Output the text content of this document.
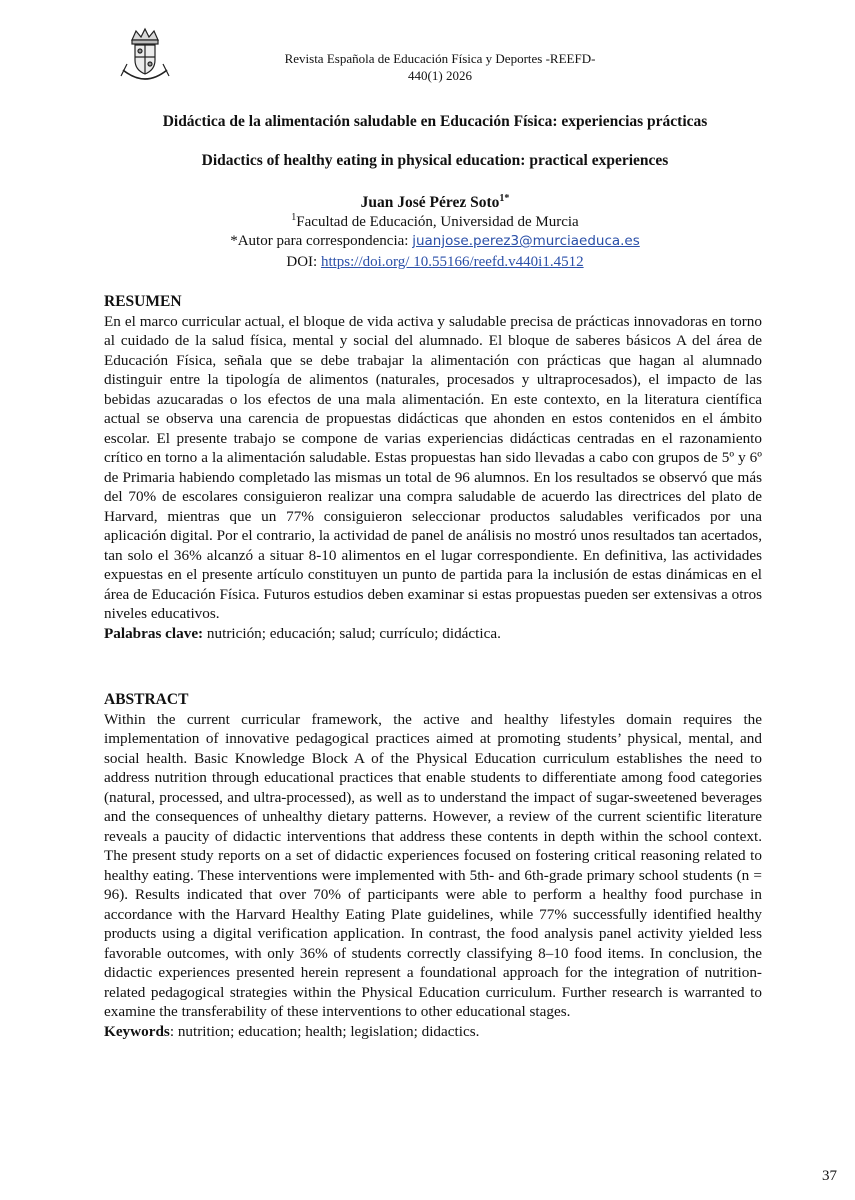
Revista Española de Educación Física y Deportes -REEFD-
440(1) 2026
Didáctica de la alimentación saludable en Educación Física: experiencias prácticas
Didactics of healthy eating in physical education: practical experiences
Juan José Pérez Soto$^{1*}$
$^1$Facultad de Educación, Universidad de Murcia
*Autor para correspondencia: juanjose.perez3@murciaeduca.es
DOI: https://doi.org/ 10.55166/reefd.v440i1.4512
RESUMEN
En el marco curricular actual, el bloque de vida activa y saludable precisa de prácticas innovadoras en torno al cuidado de la salud física, mental y social del alumnado. El bloque de saberes básicos A del área de Educación Física, señala que se debe trabajar la alimentación con prácticas que hagan al alumnado distinguir entre la tipología de alimentos (naturales, procesados y ultraprocesados), el impacto de las bebidas azucaradas o los efectos de una mala alimentación. En este contexto, en la literatura científica actual se observa una carencia de propuestas didácticas que ahonden en estos contenidos en el ámbito escolar. El presente trabajo se compone de varias experiencias didácticas centradas en el razonamiento crítico en torno a la alimentación saludable. Estas propuestas han sido llevadas a cabo con grupos de 5º y 6º de Primaria habiendo completado las mismas un total de 96 alumnos. En los resultados se observó que más del 70% de escolares consiguieron realizar una compra saludable de acuerdo las directrices del plato de Harvard, mientras que un 77% consiguieron seleccionar productos saludables verificados por una aplicación digital. Por el contrario, la actividad de panel de análisis no mostró unos resultados tan acertados, tan solo el 36% alcanzó a situar 8-10 alimentos en el lugar correspondiente. En definitiva, las actividades expuestas en el presente artículo constituyen un punto de partida para la inclusión de estas dinámicas en el área de Educación Física. Futuros estudios deben examinar si estas propuestas pueden ser extensivas a otros niveles educativos.
Palabras clave: nutrición; educación; salud; currículo; didáctica.
ABSTRACT
Within the current curricular framework, the active and healthy lifestyles domain requires the implementation of innovative pedagogical practices aimed at promoting students’ physical, mental, and social health. Basic Knowledge Block A of the Physical Education curriculum establishes the need to address nutrition through educational practices that enable students to differentiate among food categories (natural, processed, and ultra-processed), as well as to understand the impact of sugar-sweetened beverages and the consequences of unhealthy dietary patterns. However, a review of the current scientific literature reveals a paucity of didactic interventions that address these contents in depth within the school context. The present study reports on a set of didactic experiences focused on fostering critical reasoning related to healthy eating. These interventions were implemented with 5th- and 6th-grade primary school students (n = 96). Results indicated that over 70% of participants were able to perform a healthy food purchase in accordance with the Harvard Healthy Eating Plate guidelines, while 77% successfully identified healthy products using a digital verification application. In contrast, the food analysis panel activity yielded less favorable outcomes, with only 36% of students correctly classifying 8–10 food items. In conclusion, the didactic experiences presented herein represent a foundational approach for the integration of nutrition-related pedagogical strategies within the Physical Education curriculum. Further research is warranted to examine the transferability of these interventions to other educational stages.
Keywords: nutrition; education; health; legislation; didactics.
37
